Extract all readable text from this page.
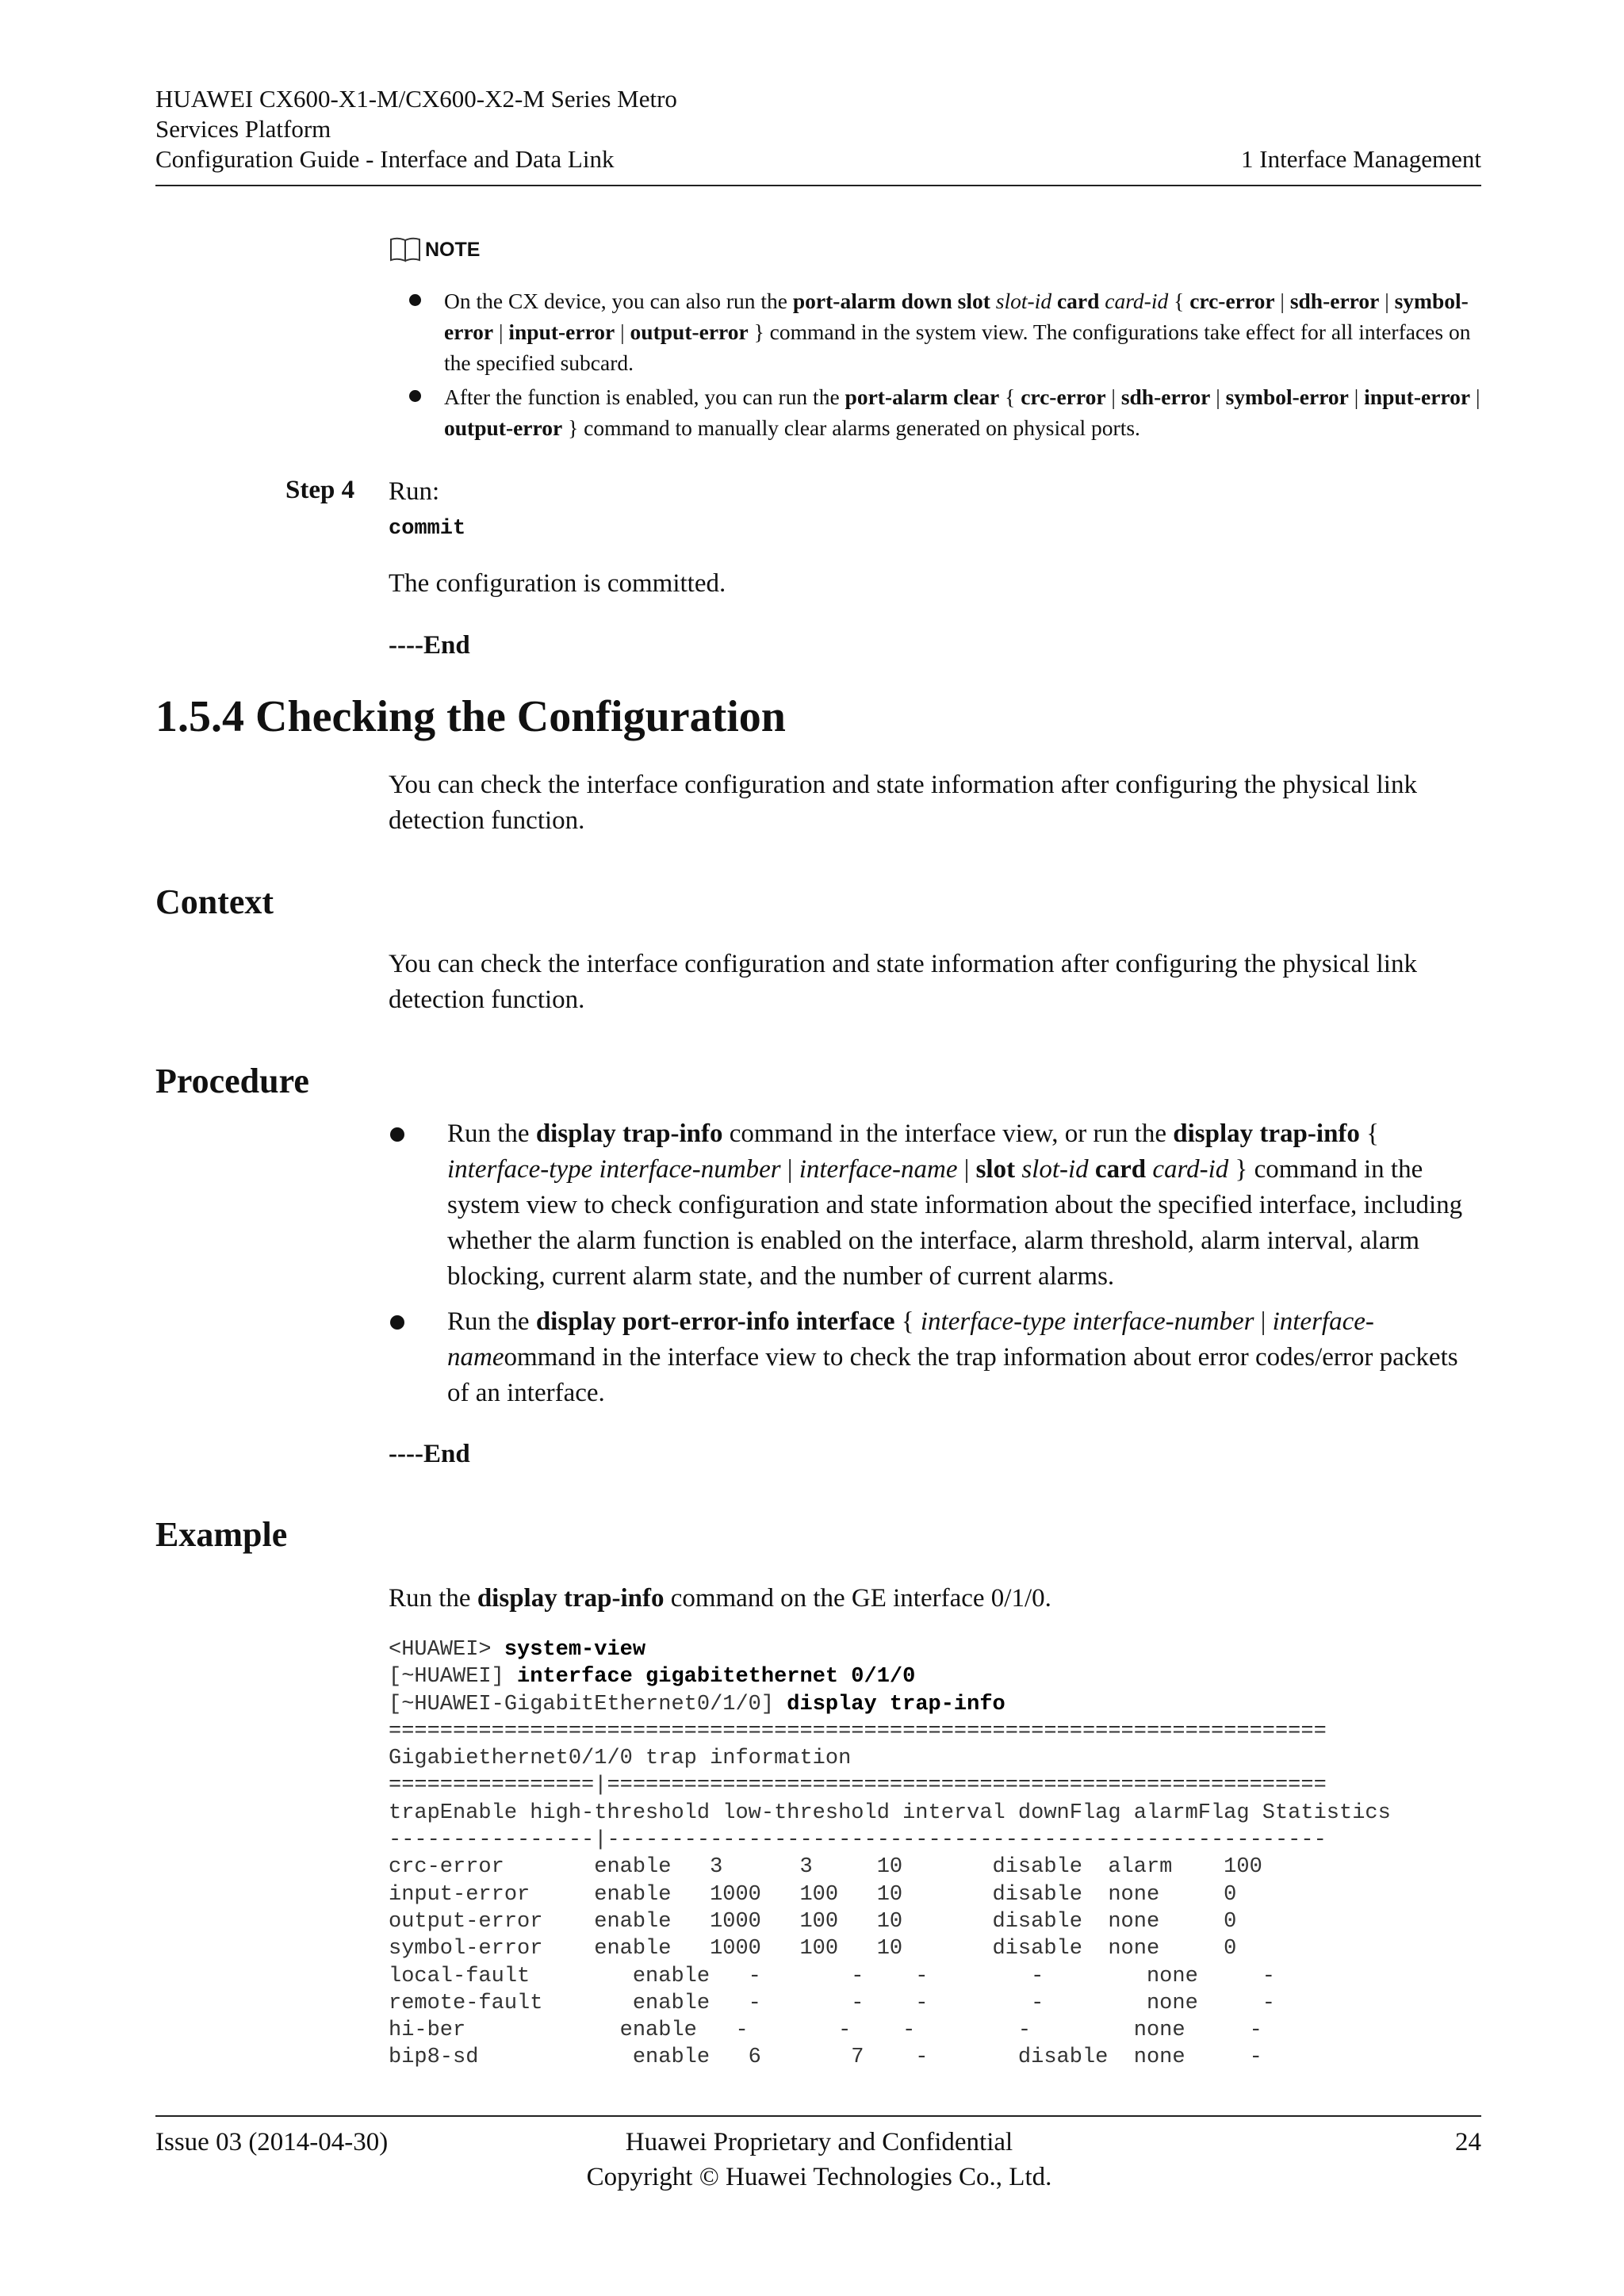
HUAWEI CX600-X1-M/CX600-X2-M Series Metro
Services Platform
Configuration Guide - Interface and Data Link	1 Interface Management
NOTE
On the CX device, you can also run the port-alarm down slot slot-id card card-id { crc-error | sdh-error | symbol-error | input-error | output-error } command in the system view. The configurations take effect for all interfaces on the specified subcard.
After the function is enabled, you can run the port-alarm clear { crc-error | sdh-error | symbol-error | input-error | output-error } command to manually clear alarms generated on physical ports.
Step 4 Run:
commit
The configuration is committed.
----End
1.5.4 Checking the Configuration
You can check the interface configuration and state information after configuring the physical link detection function.
Context
You can check the interface configuration and state information after configuring the physical link detection function.
Procedure
Run the display trap-info command in the interface view, or run the display trap-info { interface-type interface-number | interface-name | slot slot-id card card-id } command in the system view to check configuration and state information about the specified interface, including whether the alarm function is enabled on the interface, alarm threshold, alarm interval, alarm blocking, current alarm state, and the number of current alarms.
Run the display port-error-info interface { interface-type interface-number | interface-nameommand in the interface view to check the trap information about error codes/error packets of an interface.
----End
Example
Run the display trap-info command on the GE interface 0/1/0.
<HUAWEI> system-view
[~HUAWEI] interface gigabitethernet 0/1/0
[~HUAWEI-GigabitEthernet0/1/0] display trap-info
=========================================================================
Gigabiethernet0/1/0 trap information
================|========================================================
trapEnable high-threshold low-threshold interval downFlag alarmFlag Statistics
----------------|--------------------------------------------------------
crc-error       enable   3      3     10       disable  alarm    100
input-error     enable   1000   100   10       disable  none     0
output-error    enable   1000   100   10       disable  none     0
symbol-error    enable   1000   100   10       disable  none     0
local-fault        enable   -       -    -        -        none     -
remote-fault       enable   -       -    -        -        none     -
hi-ber            enable   -       -    -        -        none     -
bip8-sd            enable   6       7    -       disable  none     -
Issue 03 (2014-04-30)	Huawei Proprietary and Confidential
Copyright © Huawei Technologies Co., Ltd.
24
